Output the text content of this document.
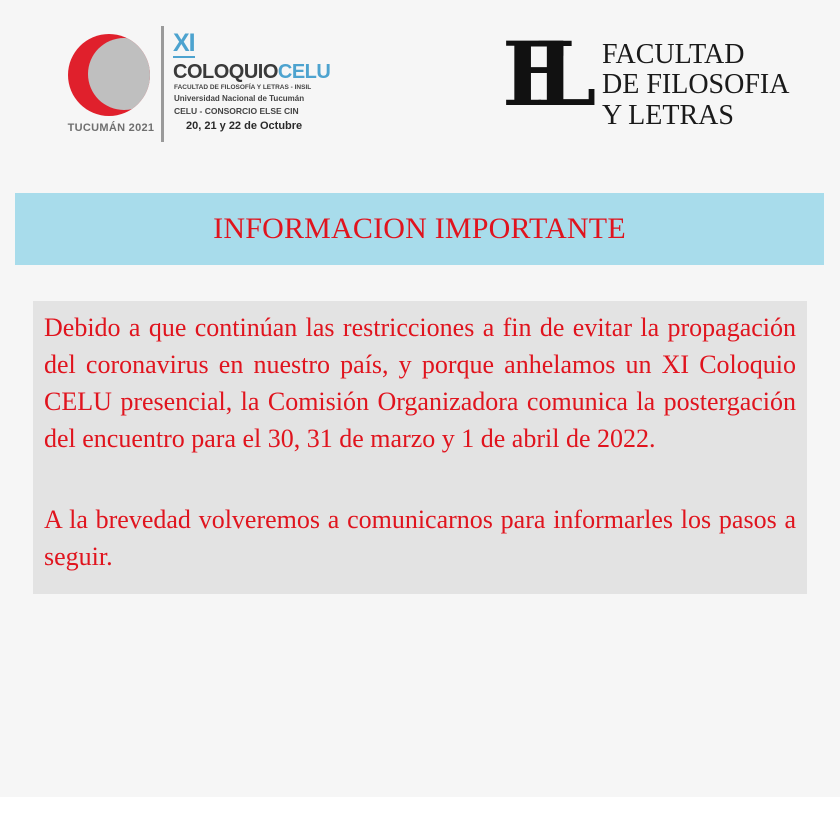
TUCUMÁN 2021
XI
COLOQUIOCELU
FACULTAD DE FILOSOFÍA Y LETRAS - INSIL
Universidad Nacional de Tucumán
CELU - CONSORCIO ELSE CIN
20, 21 y 22 de Octubre FL FACULTAD
DE FILOSOFIA
Y LETRAS
INFORMACION IMPORTANTE

Debido a que continúan las restricciones a fin de evitar la propagación del coronavirus en nuestro país, y porque anhelamos un XI Coloquio CELU presencial, la Comisión Organizadora comunica la postergación del encuentro para el 30, 31 de marzo y 1 de abril de 2022.

A la brevedad volveremos a comunicarnos para informarles los pasos a seguir.
